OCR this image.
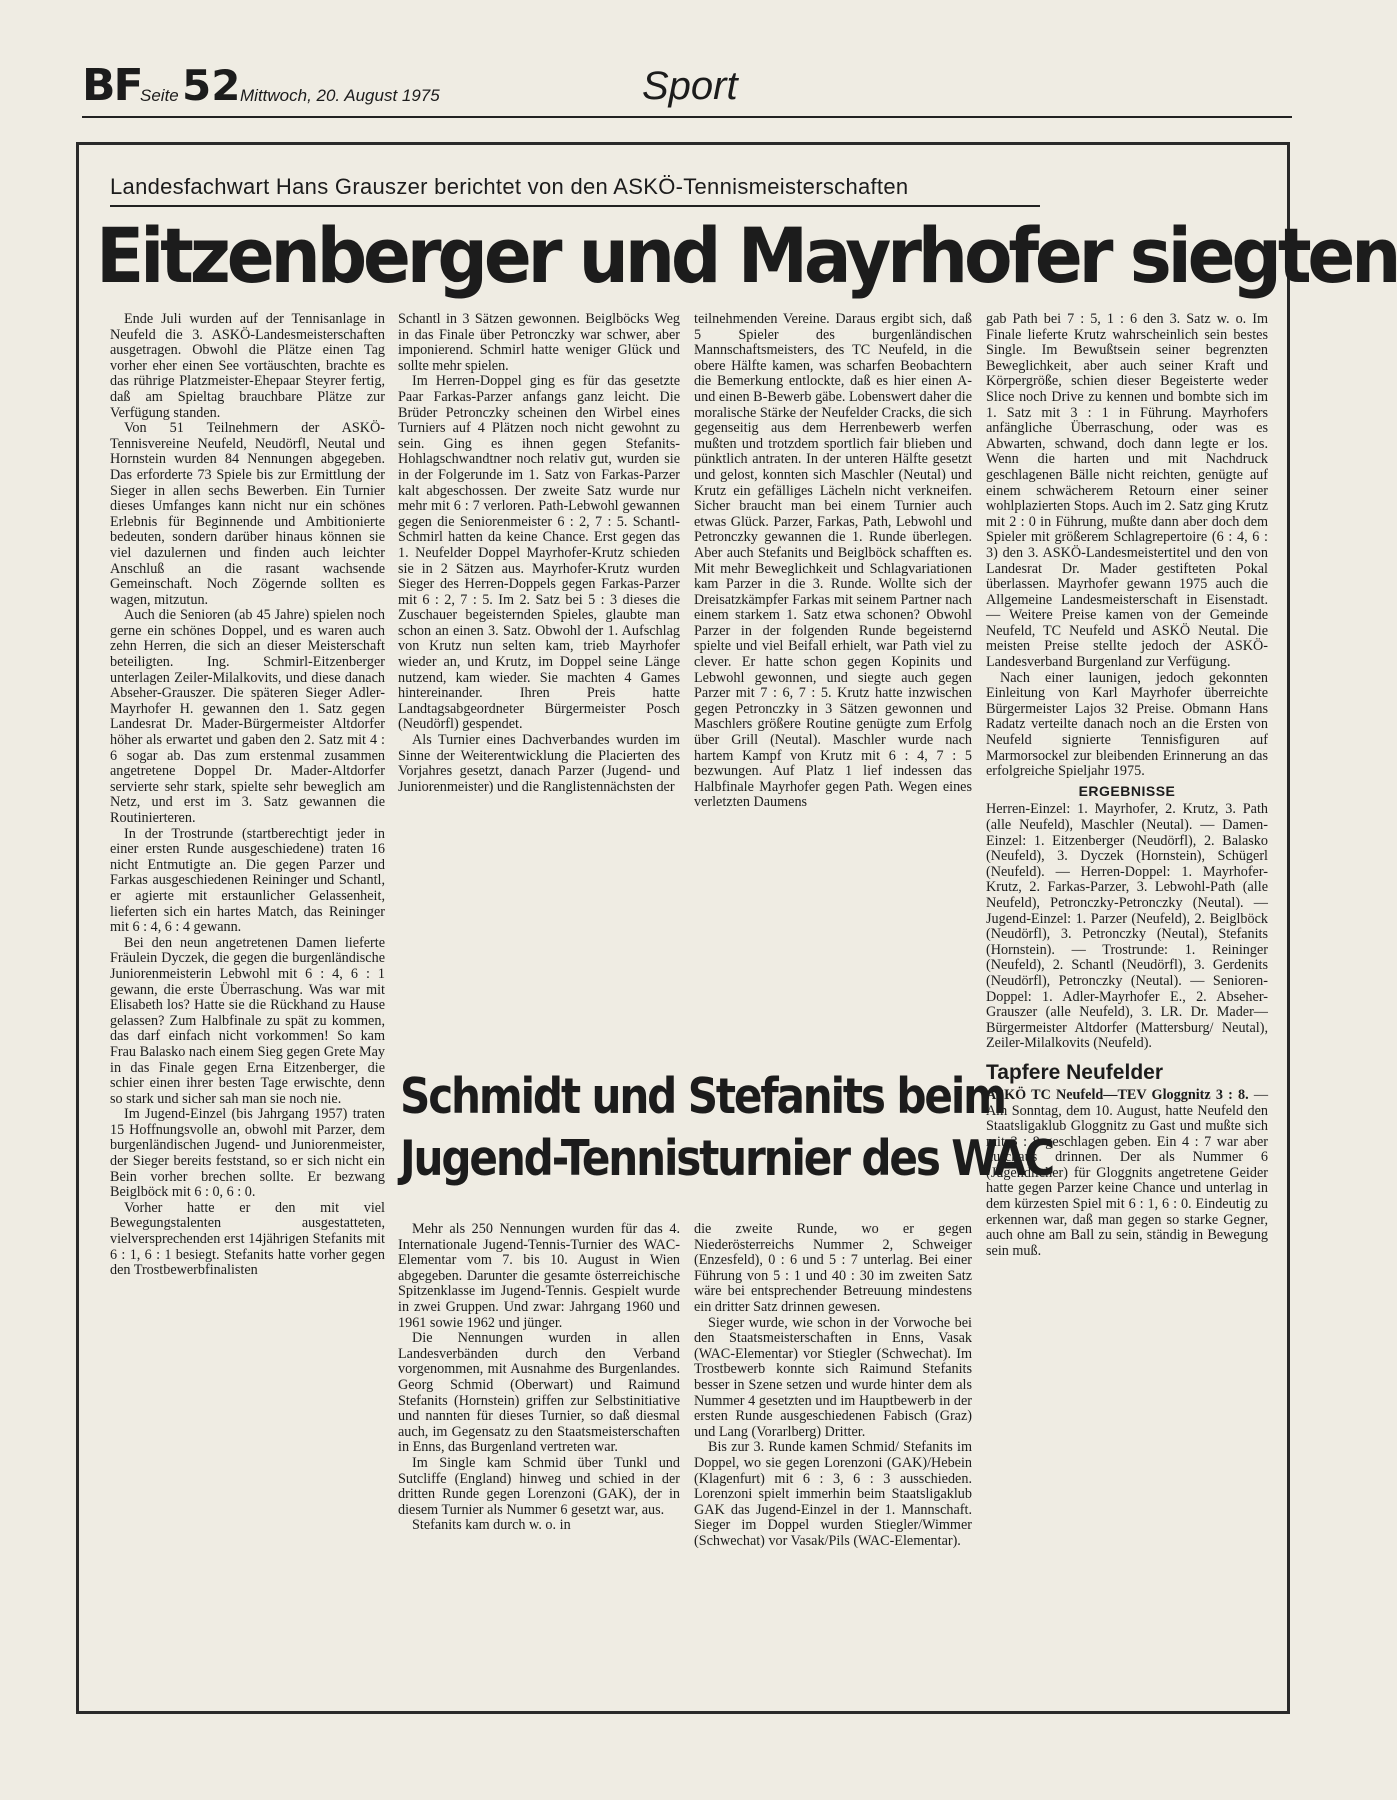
BF
Seite 52 Mittwoch, 20. August 1975	Sport
Landesfachwart Hans Grauszer berichtet von den ASKÖ-Tennismeisterschaften
Eitzenberger und Mayrhofer siegten

Ende Juli wurden auf der Tennisanlage in Neufeld die 3. ASKÖ-Landesmeisterschaften ausgetragen. Obwohl die Plätze einen Tag vorher eher einen See vortäuschten, brachte es das rührige Platzmeister-Ehepaar Steyrer fertig, daß am Spieltag brauchbare Plätze zur Verfügung standen.

Von 51 Teilnehmern der ASKÖ-Tennisvereine Neufeld, Neudörfl, Neutal und Hornstein wurden 84 Nennungen abgegeben. Das erforderte 73 Spiele bis zur Ermittlung der Sieger in allen sechs Bewerben. Ein Turnier dieses Umfanges kann nicht nur ein schönes Erlebnis für Beginnende und Ambitionierte bedeuten, sondern darüber hinaus können sie viel dazulernen und finden auch leichter Anschluß an die rasant wachsende Gemeinschaft. Noch Zögernde sollten es wagen, mitzutun.

Auch die Senioren (ab 45 Jahre) spielen noch gerne ein schönes Doppel, und es waren auch zehn Herren, die sich an dieser Meisterschaft beteiligten. Ing. Schmirl-Eitzenberger unterlagen Zeiler-Milalkovits, und diese danach Abseher-Grauszer. Die späteren Sieger Adler-Mayrhofer H. gewannen den 1. Satz gegen Landesrat Dr. Mader-Bürgermeister Altdorfer höher als erwartet und gaben den 2. Satz mit 4 : 6 sogar ab. Das zum erstenmal zusammen angetretene Doppel Dr. Mader-Altdorfer servierte sehr stark, spielte sehr beweglich am Netz, und erst im 3. Satz gewannen die Routinierteren.

In der Trostrunde (startberechtigt jeder in einer ersten Runde ausgeschiedene) traten 16 nicht Entmutigte an. Die gegen Parzer und Farkas ausgeschiedenen Reininger und Schantl, er agierte mit erstaunlicher Gelassenheit, lieferten sich ein hartes Match, das Reininger mit 6 : 4, 6 : 4 gewann.

Bei den neun angetretenen Damen lieferte Fräulein Dyczek, die gegen die burgenländische Juniorenmeisterin Lebwohl mit 6 : 4, 6 : 1 gewann, die erste Überraschung. Was war mit Elisabeth los? Hatte sie die Rückhand zu Hause gelassen? Zum Halbfinale zu spät zu kommen, das darf einfach nicht vorkommen! So kam Frau Balasko nach einem Sieg gegen Grete May in das Finale gegen Erna Eitzenberger, die schier einen ihrer besten Tage erwischte, denn so stark und sicher sah man sie noch nie.

Im Jugend-Einzel (bis Jahrgang 1957) traten 15 Hoffnungsvolle an, obwohl mit Parzer, dem burgenländischen Jugend- und Juniorenmeister, der Sieger bereits feststand, so er sich nicht ein Bein vorher brechen sollte. Er bezwang Beiglböck mit 6 : 0, 6 : 0.

Vorher hatte er den mit viel Bewegungstalenten ausgestatteten, vielversprechenden erst 14jährigen Stefanits mit 6 : 1, 6 : 1 besiegt. Stefanits hatte vorher gegen den Trostbewerbfinalisten

Schantl in 3 Sätzen gewonnen. Beiglböcks Weg in das Finale über Petronczky war schwer, aber imponierend. Schmirl hatte weniger Glück und sollte mehr spielen.

Im Herren-Doppel ging es für das gesetzte Paar Farkas-Parzer anfangs ganz leicht. Die Brüder Petronczky scheinen den Wirbel eines Turniers auf 4 Plätzen noch nicht gewohnt zu sein. Ging es ihnen gegen Stefanits-Hohlagschwandtner noch relativ gut, wurden sie in der Folgerunde im 1. Satz von Farkas-Parzer kalt abgeschossen. Der zweite Satz wurde nur mehr mit 6 : 7 verloren. Path-Lebwohl gewannen gegen die Seniorenmeister 6 : 2, 7 : 5. Schantl-Schmirl hatten da keine Chance. Erst gegen das 1. Neufelder Doppel Mayrhofer-Krutz schieden sie in 2 Sätzen aus. Mayrhofer-Krutz wurden Sieger des Herren-Doppels gegen Farkas-Parzer mit 6 : 2, 7 : 5. Im 2. Satz bei 5 : 3 dieses die Zuschauer begeisternden Spieles, glaubte man schon an einen 3. Satz. Obwohl der 1. Aufschlag von Krutz nun selten kam, trieb Mayrhofer wieder an, und Krutz, im Doppel seine Länge nutzend, kam wieder. Sie machten 4 Games hintereinander. Ihren Preis hatte Landtagsabgeordneter Bürgermeister Posch (Neudörfl) gespendet.

Als Turnier eines Dachverbandes wurden im Sinne der Weiterentwicklung die Placierten des Vorjahres gesetzt, danach Parzer (Jugend- und Juniorenmeister) und die Ranglistennächsten der

teilnehmenden Vereine. Daraus ergibt sich, daß 5 Spieler des burgenländischen Mannschaftsmeisters, des TC Neufeld, in die obere Hälfte kamen, was scharfen Beobachtern die Bemerkung entlockte, daß es hier einen A- und einen B-Bewerb gäbe. Lobenswert daher die moralische Stärke der Neufelder Cracks, die sich gegenseitig aus dem Herrenbewerb werfen mußten und trotzdem sportlich fair blieben und pünktlich antraten. In der unteren Hälfte gesetzt und gelost, konnten sich Maschler (Neutal) und Krutz ein gefälliges Lächeln nicht verkneifen. Sicher braucht man bei einem Turnier auch etwas Glück. Parzer, Farkas, Path, Lebwohl und Petronczky gewannen die 1. Runde überlegen. Aber auch Stefanits und Beiglböck schafften es. Mit mehr Beweglichkeit und Schlagvariationen kam Parzer in die 3. Runde. Wollte sich der Dreisatzkämpfer Farkas mit seinem Partner nach einem starkem 1. Satz etwa schonen? Obwohl Parzer in der folgenden Runde begeisternd spielte und viel Beifall erhielt, war Path viel zu clever. Er hatte schon gegen Kopinits und Lebwohl gewonnen, und siegte auch gegen Parzer mit 7 : 6, 7 : 5. Krutz hatte inzwischen gegen Petronczky in 3 Sätzen gewonnen und Maschlers größere Routine genügte zum Erfolg über Grill (Neutal). Maschler wurde nach hartem Kampf von Krutz mit 6 : 4, 7 : 5 bezwungen. Auf Platz 1 lief indessen das Halbfinale Mayrhofer gegen Path. Wegen eines verletzten Daumens

gab Path bei 7 : 5, 1 : 6 den 3. Satz w. o. Im Finale lieferte Krutz wahrscheinlich sein bestes Single. Im Bewußtsein seiner begrenzten Beweglichkeit, aber auch seiner Kraft und Körpergröße, schien dieser Begeisterte weder Slice noch Drive zu kennen und bombte sich im 1. Satz mit 3 : 1 in Führung. Mayrhofers anfängliche Überraschung, oder was es Abwarten, schwand, doch dann legte er los. Wenn die harten und mit Nachdruck geschlagenen Bälle nicht reichten, genügte auf einem schwächerem Retourn einer seiner wohlplazierten Stops. Auch im 2. Satz ging Krutz mit 2 : 0 in Führung, mußte dann aber doch dem Spieler mit größerem Schlagrepertoire (6 : 4, 6 : 3) den 3. ASKÖ-Landesmeistertitel und den von Landesrat Dr. Mader gestifteten Pokal überlassen. Mayrhofer gewann 1975 auch die Allgemeine Landesmeisterschaft in Eisenstadt. — Weitere Preise kamen von der Gemeinde Neufeld, TC Neufeld und ASKÖ Neutal. Die meisten Preise stellte jedoch der ASKÖ-Landesverband Burgenland zur Verfügung.

Nach einer launigen, jedoch gekonnten Einleitung von Karl Mayrhofer überreichte Bürgermeister Lajos 32 Preise. Obmann Hans Radatz verteilte danach noch an die Ersten von Neufeld signierte Tennisfiguren auf Marmorsockel zur bleibenden Erinnerung an das erfolgreiche Spieljahr 1975.

ERGEBNISSE

Herren-Einzel: 1. Mayrhofer, 2. Krutz, 3. Path (alle Neufeld), Maschler (Neutal). — Damen-Einzel: 1. Eitzenberger (Neudörfl), 2. Balasko (Neufeld), 3. Dyczek (Hornstein), Schügerl (Neufeld). — Herren-Doppel: 1. Mayrhofer-Krutz, 2. Farkas-Parzer, 3. Lebwohl-Path (alle Neufeld), Petronczky-Petronczky (Neutal). — Jugend-Einzel: 1. Parzer (Neufeld), 2. Beiglböck (Neudörfl), 3. Petronczky (Neutal), Stefanits (Hornstein). — Trostrunde: 1. Reininger (Neufeld), 2. Schantl (Neudörfl), 3. Gerdenits (Neudörfl), Petronczky (Neutal). — Senioren-Doppel: 1. Adler-Mayrhofer E., 2. Abseher-Grauszer (alle Neufeld), 3. LR. Dr. Mader—Bürgermeister Altdorfer (Mattersburg/ Neutal), Zeiler-Milalkovits (Neufeld).

Tapfere Neufelder

ASKÖ TC Neufeld—TEV Gloggnitz 3 : 8. — Am Sonntag, dem 10. August, hatte Neufeld den Staatsligaklub Gloggnitz zu Gast und mußte sich mit 3 : 8 geschlagen geben. Ein 4 : 7 war aber durchaus drinnen. Der als Nummer 6 (Jugendlicher) für Gloggnits angetretene Geider hatte gegen Parzer keine Chance und unterlag in dem kürzesten Spiel mit 6 : 1, 6 : 0. Eindeutig zu erkennen war, daß man gegen so starke Gegner, auch ohne am Ball zu sein, ständig in Bewegung sein muß.

Schmidt und Stefanits beim
Jugend-Tennisturnier des WAC

Mehr als 250 Nennungen wurden für das 4. Internationale Jugend-Tennis-Turnier des WAC-Elementar vom 7. bis 10. August in Wien abgegeben. Darunter die gesamte österreichische Spitzenklasse im Jugend-Tennis. Gespielt wurde in zwei Gruppen. Und zwar: Jahrgang 1960 und 1961 sowie 1962 und jünger.

Die Nennungen wurden in allen Landesverbänden durch den Verband vorgenommen, mit Ausnahme des Burgenlandes. Georg Schmid (Oberwart) und Raimund Stefanits (Hornstein) griffen zur Selbstinitiative und nannten für dieses Turnier, so daß diesmal auch, im Gegensatz zu den Staatsmeisterschaften in Enns, das Burgenland vertreten war.

Im Single kam Schmid über Tunkl und Sutcliffe (England) hinweg und schied in der dritten Runde gegen Lorenzoni (GAK), der in diesem Turnier als Nummer 6 gesetzt war, aus.

Stefanits kam durch w. o. in

die zweite Runde, wo er gegen Niederösterreichs Nummer 2, Schweiger (Enzesfeld), 0 : 6 und 5 : 7 unterlag. Bei einer Führung von 5 : 1 und 40 : 30 im zweiten Satz wäre bei entsprechender Betreuung mindestens ein dritter Satz drinnen gewesen.

Sieger wurde, wie schon in der Vorwoche bei den Staatsmeisterschaften in Enns, Vasak (WAC-Elementar) vor Stiegler (Schwechat). Im Trostbewerb konnte sich Raimund Stefanits besser in Szene setzen und wurde hinter dem als Nummer 4 gesetzten und im Hauptbewerb in der ersten Runde ausgeschiedenen Fabisch (Graz) und Lang (Vorarlberg) Dritter.

Bis zur 3. Runde kamen Schmid/ Stefanits im Doppel, wo sie gegen Lorenzoni (GAK)/Hebein (Klagenfurt) mit 6 : 3, 6 : 3 ausschieden. Lorenzoni spielt immerhin beim Staatsligaklub GAK das Jugend-Einzel in der 1. Mannschaft. Sieger im Doppel wurden Stiegler/Wimmer (Schwechat) vor Vasak/Pils (WAC-Elementar).
